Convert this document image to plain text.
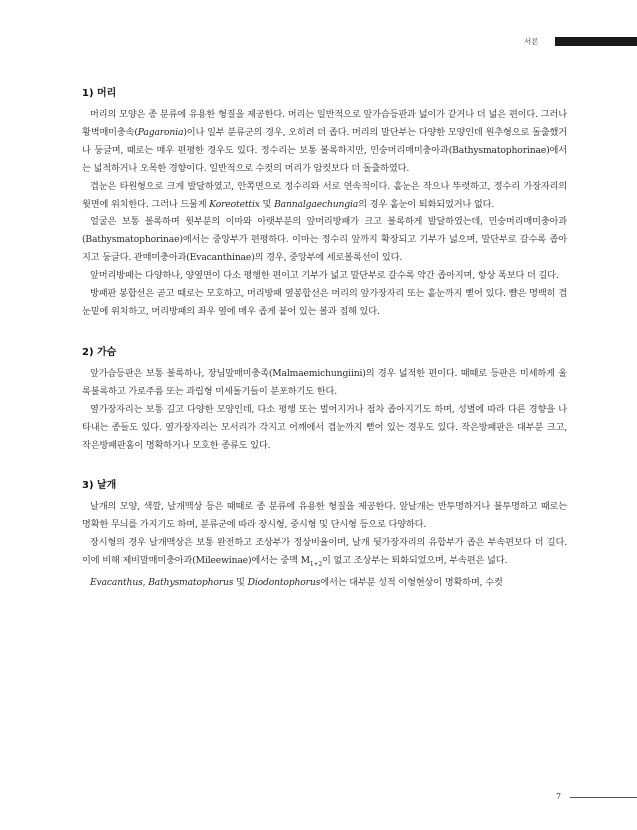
서론
1) 머리

머리의 모양은 종 분류에 유용한 형질을 제공한다. 머리는 일반적으로 앞가슴등판과 넓이가 같거나 더 넓은 편이다. 그러나 황벽매미충속(Pagaronia)이나 일부 분류군의 경우, 오히려 더 좁다. 머리의 말단부는 다양한 모양인데 원추형으로 돌출했거나 둥글며, 때로는 매우 편평한 경우도 있다. 정수리는 보통 볼록하지만, 민숭머리매미충아과(Bathysmatophorinae)에서는 넓적하거나 오목한 경향이다. 일반적으로 수컷의 머리가 암컷보다 더 돌출하였다.

겹눈은 타원형으로 크게 발달하였고, 안쪽면으로 정수리와 서로 연속적이다. 홑눈은 작으나 뚜렷하고, 정수리 가장자리의 윗면에 위치한다. 그러나 드물게 Koreotettix 및 Bannalgaechungia의 경우 홑눈이 퇴화되었거나 없다.

얼굴은 보통 볼록하며 윗부분의 이마와 아랫부분의 앞머리방패가 크고 볼록하게 발달하였는데, 민숭머리매미충아과(Bathysmatophorinae)에서는 중앙부가 편평하다. 이마는 정수리 앞까지 확장되고 기부가 넓으며, 말단부로 갈수록 좁아지고 둥글다. 관매미충아과(Evacanthinae)의 경우, 중앙부에 세로볼록선이 있다.

앞머리방패는 다양하나, 양옆면이 다소 평행한 편이고 기부가 넓고 말단부로 갈수록 약간 좁아지며, 항상 폭보다 더 길다.

방패판 봉합선은 곧고 때로는 모호하고, 머리방패 옆봉합선은 머리의 앞가장자리 또는 홑눈까지 뻗어 있다. 뺨은 명백히 겹눈밑에 위치하고, 머리방패의 좌우 옆에 매우 좁게 붙어 있는 볼과 접해 있다.

2) 가슴

앞가슴등판은 보통 볼록하나, 장님말매미충족(Malmaemichungiini)의 경우 넓적한 편이다. 때때로 등판은 미세하게 울록불록하고 가로주름 또는 과립형 미세돌기들이 분포하기도 한다.

옆가장자리는 보통 길고 다양한 모양인데, 다소 평행 또는 벌어지거나 점차 좁아지기도 하며, 성별에 따라 다른 경향을 나타내는 종들도 있다. 옆가장자리는 모서리가 각지고 어깨에서 겹눈까지 뻗어 있는 경우도 있다. 작은방패판은 대부분 크고, 작은방패판홈이 명확하거나 모호한 종류도 있다.

3) 날개

날개의 모양, 색깔, 날개맥상 등은 때때로 종 분류에 유용한 형질을 제공한다. 앞날개는 반투명하거나 불투명하고 때로는 명확한 무늬를 가지기도 하며, 분류군에 따라 장시형, 중시형 및 단시형 등으로 다양하다.

장시형의 경우 날개맥상은 보통 완전하고 조상부가 정상비율이며, 날개 뒷가장자리의 유합부가 좁은 부속편보다 더 길다. 이에 비해 제비말매미충아과(Mileewinae)에서는 중맥 $M_{1+2}$이 없고 조상부는 퇴화되었으며, 부속편은 넓다.

Evacanthus, Bathysmatophorus 및 Diodontophorus에서는 대부분 성적 이형현상이 명확하며, 수컷

7
